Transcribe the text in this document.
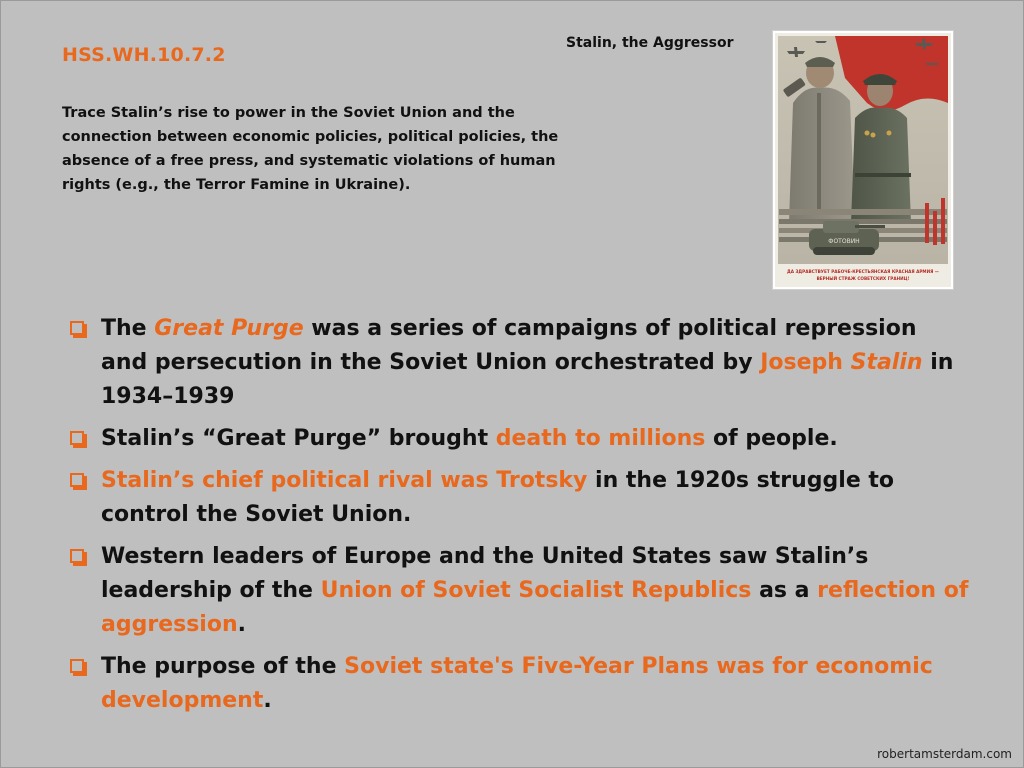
HSS.WH.10.7.2
Trace Stalin’s rise to power in the Soviet Union and the connection between economic policies, political policies, the absence of a free press, and systematic violations of human rights (e.g., the Terror Famine in Ukraine).
Stalin, the Aggressor
ФОТОВИН
ДА ЗДРАВСТВУЕТ РАБОЧЕ-КРЕСТЬЯНСКАЯ КРАСНАЯ АРМИЯ —
ВЕРНЫЙ СТРАЖ СОВЕТСКИХ ГРАНИЦ!
The Great Purge was a series of campaigns of political repression and persecution in the Soviet Union orchestrated by Joseph Stalin in 1934–1939
Stalin’s “Great Purge” brought death to millions of people.
Stalin’s chief political rival was Trotsky in the 1920s struggle to control the Soviet Union.
Western leaders of Europe and the United States saw Stalin’s leadership of the Union of Soviet Socialist Republics as a reflection of aggression.
The purpose of the Soviet state's Five-Year Plans was for economic development.
robertamsterdam.com
